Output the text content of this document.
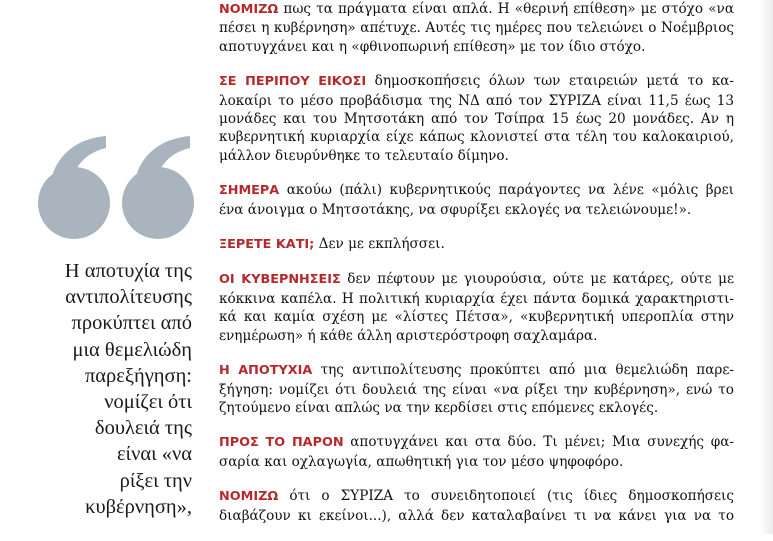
Η αποτυχία της
αντιπολίτευσης
προκύπτει από
μια θεμελιώδη
παρεξήγηση:
νομίζει ότι
δουλειά της
είναι «να
ρίξει την
κυβέρνηση»,

ΝΟΜΙΖΩ πως τα πράγματα είναι απλά. Η «θερινή επίθεση» με στόχο «να
πέσει η κυβέρνηση» απέτυχε. Αυτές τις ημέρες που τελειώνει ο Νοέμβριος
αποτυγχάνει και η «φθινοπωρινή επίθεση» με τον ίδιο στόχο.
ΣΕ ΠΕΡΙΠΟΥ ΕΙΚΟΣΙ δημοσκοπήσεις όλων των εταιρειών μετά το κα-
λοκαίρι το μέσο προβάδισμα της ΝΔ από τον ΣΥΡΙΖΑ είναι 11,5 έως 13
μονάδες και του Μητσοτάκη από τον Τσίπρα 15 έως 20 μονάδες. Αν η
κυβερνητική κυριαρχία είχε κάπως κλονιστεί στα τέλη του καλοκαιριού,
μάλλον διευρύνθηκε το τελευταίο δίμηνο.
ΣΗΜΕΡΑ ακούω (πάλι) κυβερνητικούς παράγοντες να λένε «μόλις βρει
ένα άνοιγμα ο Μητσοτάκης, να σφυρίξει εκλογές να τελειώνουμε!».
ΞΕΡΕΤΕ ΚΑΤΙ; Δεν με εκπλήσσει.
ΟΙ ΚΥΒΕΡΝΗΣΕΙΣ δεν πέφτουν με γιουρούσια, ούτε με κατάρες, ούτε με
κόκκινα καπέλα. Η πολιτική κυριαρχία έχει πάντα δομικά χαρακτηριστι-
κά και καμία σχέση με «λίστες Πέτσα», «κυβερνητική υπεροπλία στην
ενημέρωση» ή κάθε άλλη αριστερόστροφη σαχλαμάρα.
Η ΑΠΟΤΥΧΙΑ της αντιπολίτευσης προκύπτει από μια θεμελιώδη παρε-
ξήγηση: νομίζει ότι δουλειά της είναι «να ρίξει την κυβέρνηση», ενώ το
ζητούμενο είναι απλώς να την κερδίσει στις επόμενες εκλογές.
ΠΡΟΣ ΤΟ ΠΑΡΟΝ αποτυγχάνει και στα δύο. Τι μένει; Μια συνεχής φα-
σαρία και οχλαγωγία, απωθητική για τον μέσο ψηφοφόρο.
ΝΟΜΙΖΩ ότι ο ΣΥΡΙΖΑ το συνειδητοποιεί (τις ίδιες δημοσκοπήσεις
διαβάζουν κι εκείνοι...), αλλά δεν καταλαβαίνει τι να κάνει για να το
